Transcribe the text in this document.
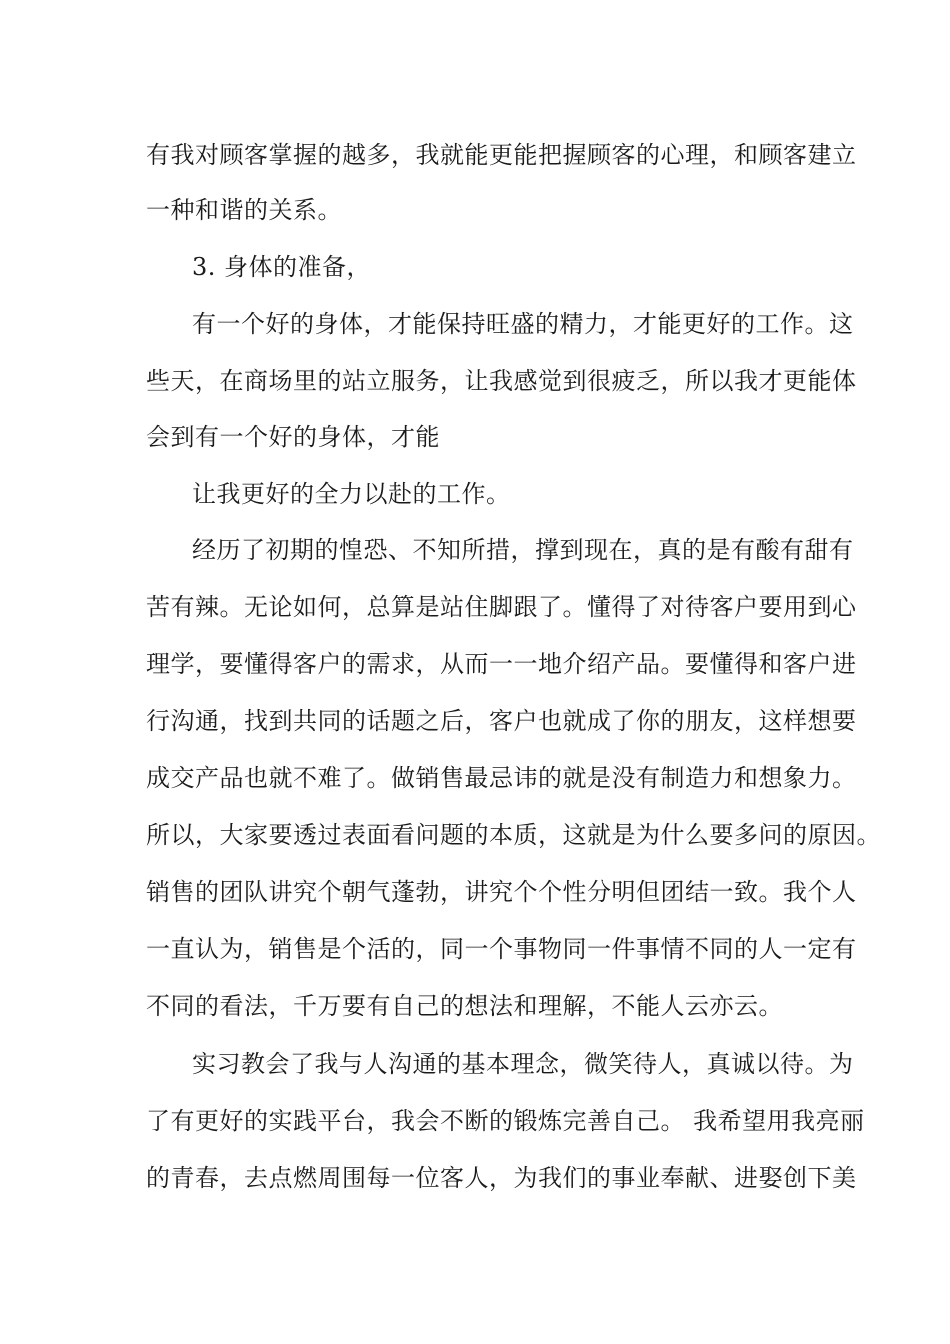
有我对顾客掌握的越多，我就能更能把握顾客的心理，和顾客建立
一种和谐的关系。
3. 身体的准备，
有一个好的身体，才能保持旺盛的精力，才能更好的工作。这
些天，在商场里的站立服务，让我感觉到很疲乏，所以我才更能体
会到有一个好的身体，才能
让我更好的全力以赴的工作。
经历了初期的惶恐、不知所措，撑到现在，真的是有酸有甜有
苦有辣。无论如何，总算是站住脚跟了。懂得了对待客户要用到心
理学，要懂得客户的需求，从而一一地介绍产品。要懂得和客户进
行沟通，找到共同的话题之后，客户也就成了你的朋友，这样想要
成交产品也就不难了。做销售最忌讳的就是没有制造力和想象力。
所以，大家要透过表面看问题的本质，这就是为什么要多问的原因。
销售的团队讲究个朝气蓬勃，讲究个个性分明但团结一致。我个人
一直认为，销售是个活的，同一个事物同一件事情不同的人一定有
不同的看法，千万要有自己的想法和理解，不能人云亦云。
实习教会了我与人沟通的基本理念，微笑待人，真诚以待。为
了有更好的实践平台，我会不断的锻炼完善自己。 我希望用我亮丽
的青春，去点燃周围每一位客人，为我们的事业奉献、进娶创下美
